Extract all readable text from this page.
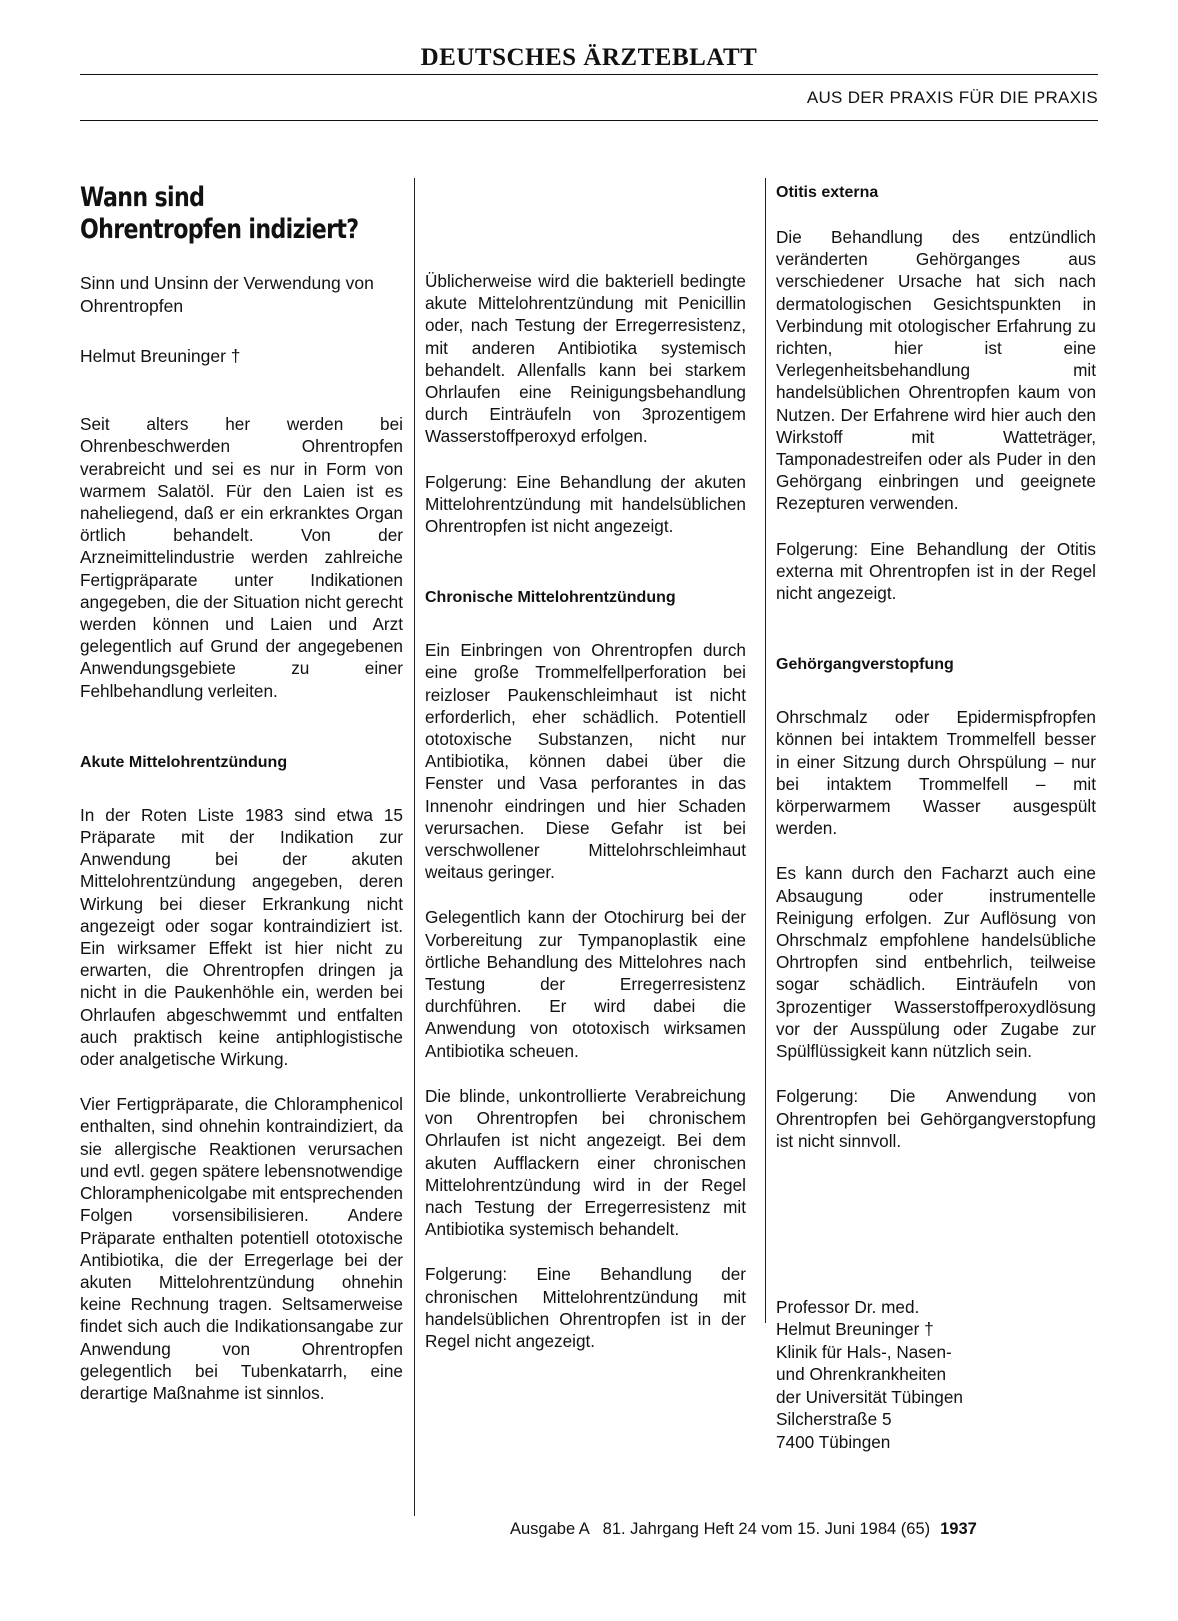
DEUTSCHES ÄRZTEBLATT
AUS DER PRAXIS FÜR DIE PRAXIS
Wann sind
Ohrentropfen indiziert?

Sinn und Unsinn der Verwendung von Ohrentropfen

Helmut Breuninger †

Seit alters her werden bei Ohrenbeschwerden Ohrentropfen verabreicht und sei es nur in Form von warmem Salatöl. Für den Laien ist es naheliegend, daß er ein erkranktes Organ örtlich behandelt. Von der Arzneimittelindustrie werden zahlreiche Fertigpräparate unter Indikationen angegeben, die der Situation nicht gerecht werden können und Laien und Arzt gelegentlich auf Grund der angegebenen Anwendungsgebiete zu einer Fehlbehandlung verleiten.

Akute Mittelohrentzündung

In der Roten Liste 1983 sind etwa 15 Präparate mit der Indikation zur Anwendung bei der akuten Mittelohrentzündung angegeben, deren Wirkung bei dieser Erkrankung nicht angezeigt oder sogar kontraindiziert ist. Ein wirksamer Effekt ist hier nicht zu erwarten, die Ohrentropfen dringen ja nicht in die Paukenhöhle ein, werden bei Ohrlaufen abgeschwemmt und entfalten auch praktisch keine antiphlogistische oder analgetische Wirkung.

Vier Fertigpräparate, die Chloramphenicol enthalten, sind ohnehin kontraindiziert, da sie allergische Reaktionen verursachen und evtl. gegen spätere lebensnotwendige Chloramphenicolgabe mit entsprechenden Folgen vorsensibilisieren. Andere Präparate enthalten potentiell ototoxische Antibiotika, die der Erregerlage bei der akuten Mittelohrentzündung ohnehin keine Rechnung tragen. Seltsamerweise findet sich auch die Indikationsangabe zur Anwendung von Ohrentropfen gelegentlich bei Tubenkatarrh, eine derartige Maßnahme ist sinnlos.

Üblicherweise wird die bakteriell bedingte akute Mittelohrentzündung mit Penicillin oder, nach Testung der Erregerresistenz, mit anderen Antibiotika systemisch behandelt. Allenfalls kann bei starkem Ohrlaufen eine Reinigungsbehandlung durch Einträufeln von 3prozentigem Wasserstoffperoxyd erfolgen.

Folgerung: Eine Behandlung der akuten Mittelohrentzündung mit handelsüblichen Ohrentropfen ist nicht angezeigt.

Chronische Mittelohrentzündung

Ein Einbringen von Ohrentropfen durch eine große Trommelfellperforation bei reizloser Paukenschleimhaut ist nicht erforderlich, eher schädlich. Potentiell ototoxische Substanzen, nicht nur Antibiotika, können dabei über die Fenster und Vasa perforantes in das Innenohr eindringen und hier Schaden verursachen. Diese Gefahr ist bei verschwollener Mittelohrschleimhaut weitaus geringer.

Gelegentlich kann der Otochirurg bei der Vorbereitung zur Tympanoplastik eine örtliche Behandlung des Mittelohres nach Testung der Erregerresistenz durchführen. Er wird dabei die Anwendung von ototoxisch wirksamen Antibiotika scheuen.

Die blinde, unkontrollierte Verabreichung von Ohrentropfen bei chronischem Ohrlaufen ist nicht angezeigt. Bei dem akuten Aufflackern einer chronischen Mittelohrentzündung wird in der Regel nach Testung der Erregerresistenz mit Antibiotika systemisch behandelt.

Folgerung: Eine Behandlung der chronischen Mittelohrentzündung mit handelsüblichen Ohrentropfen ist in der Regel nicht angezeigt.

Otitis externa

Die Behandlung des entzündlich veränderten Gehörganges aus verschiedener Ursache hat sich nach dermatologischen Gesichtspunkten in Verbindung mit otologischer Erfahrung zu richten, hier ist eine Verlegenheitsbehandlung mit handelsüblichen Ohrentropfen kaum von Nutzen. Der Erfahrene wird hier auch den Wirkstoff mit Watteträger, Tamponadestreifen oder als Puder in den Gehörgang einbringen und geeignete Rezepturen verwenden.

Folgerung: Eine Behandlung der Otitis externa mit Ohrentropfen ist in der Regel nicht angezeigt.

Gehörgangverstopfung

Ohrschmalz oder Epidermispfropfen können bei intaktem Trommelfell besser in einer Sitzung durch Ohrspülung – nur bei intaktem Trommelfell – mit körperwarmem Wasser ausgespült werden.

Es kann durch den Facharzt auch eine Absaugung oder instrumentelle Reinigung erfolgen. Zur Auflösung von Ohrschmalz empfohlene handelsübliche Ohrtropfen sind entbehrlich, teilweise sogar schädlich. Einträufeln von 3prozentiger Wasserstoffperoxydlösung vor der Ausspülung oder Zugabe zur Spülflüssigkeit kann nützlich sein.

Folgerung: Die Anwendung von Ohrentropfen bei Gehörgangverstopfung ist nicht sinnvoll.

Professor Dr. med.
Helmut Breuninger †
Klinik für Hals-, Nasen-
und Ohrenkrankheiten
der Universität Tübingen
Silcherstraße 5
7400 Tübingen
Ausgabe A   81. Jahrgang Heft 24 vom 15. Juni 1984 (65) 1937
